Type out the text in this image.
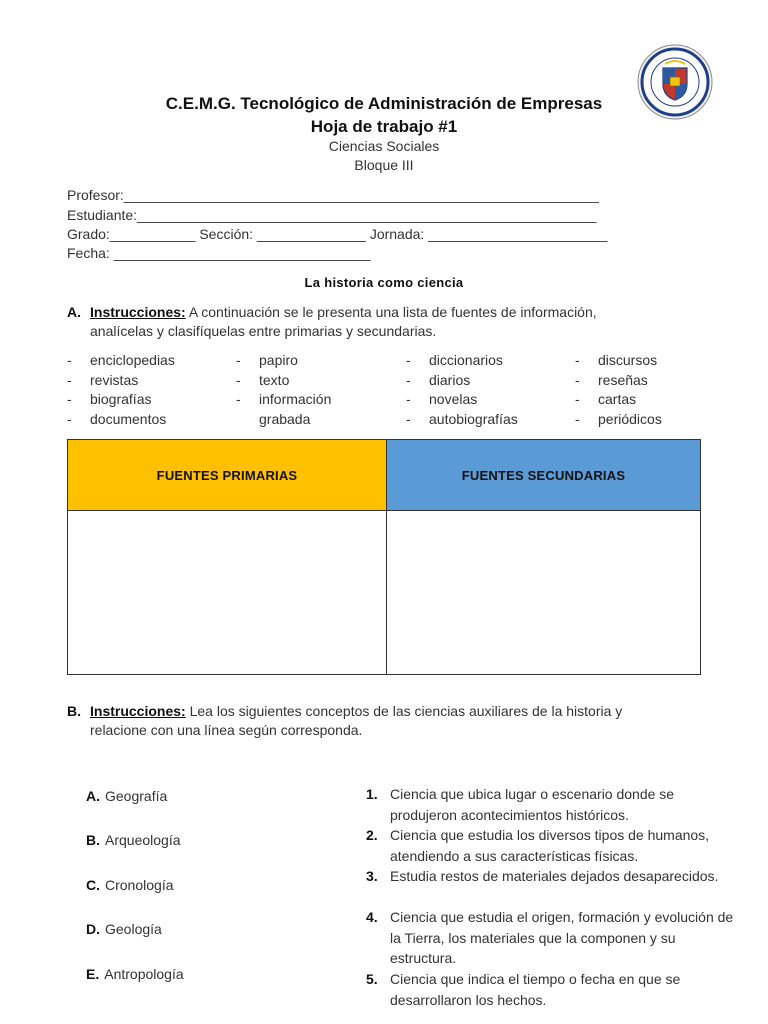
C.E.M.G. Tecnológico de Administración de Empresas
Hoja de trabajo #1
Ciencias Sociales
Bloque III
Profesor:_____________________________________________________________
Estudiante:___________________________________________________________
Grado:___________ Sección: ______________ Jornada: _______________________
Fecha: _________________________________
La historia como ciencia
A. Instrucciones: A continuación se le presenta una lista de fuentes de información,
analícelas y clasifíquelas entre primarias y secundarias.
- enciclopedias
- revistas
- biografías
- documentos
- papiro
- texto
- información
grabada
- diccionarios
- diarios
- novelas
- autobiografías
- discursos
- reseñas
- cartas
- periódicos
FUENTES PRIMARIAS	FUENTES SECUNDARIAS

B. Instrucciones: Lea los siguientes conceptos de las ciencias auxiliares de la historia y
relacione con una línea según corresponda.
A. Geografía
B. Arqueología
C. Cronología
D. Geología
E. Antropología
1. Ciencia que ubica lugar o escenario donde se produjeron acontecimientos históricos.
2. Ciencia que estudia los diversos tipos de humanos, atendiendo a sus características físicas.
3. Estudia restos de materiales dejados desaparecidos.
4. Ciencia que estudia el origen, formación y evolución de la Tierra, los materiales que la componen y su estructura.
5. Ciencia que indica el tiempo o fecha en que se desarrollaron los hechos.
